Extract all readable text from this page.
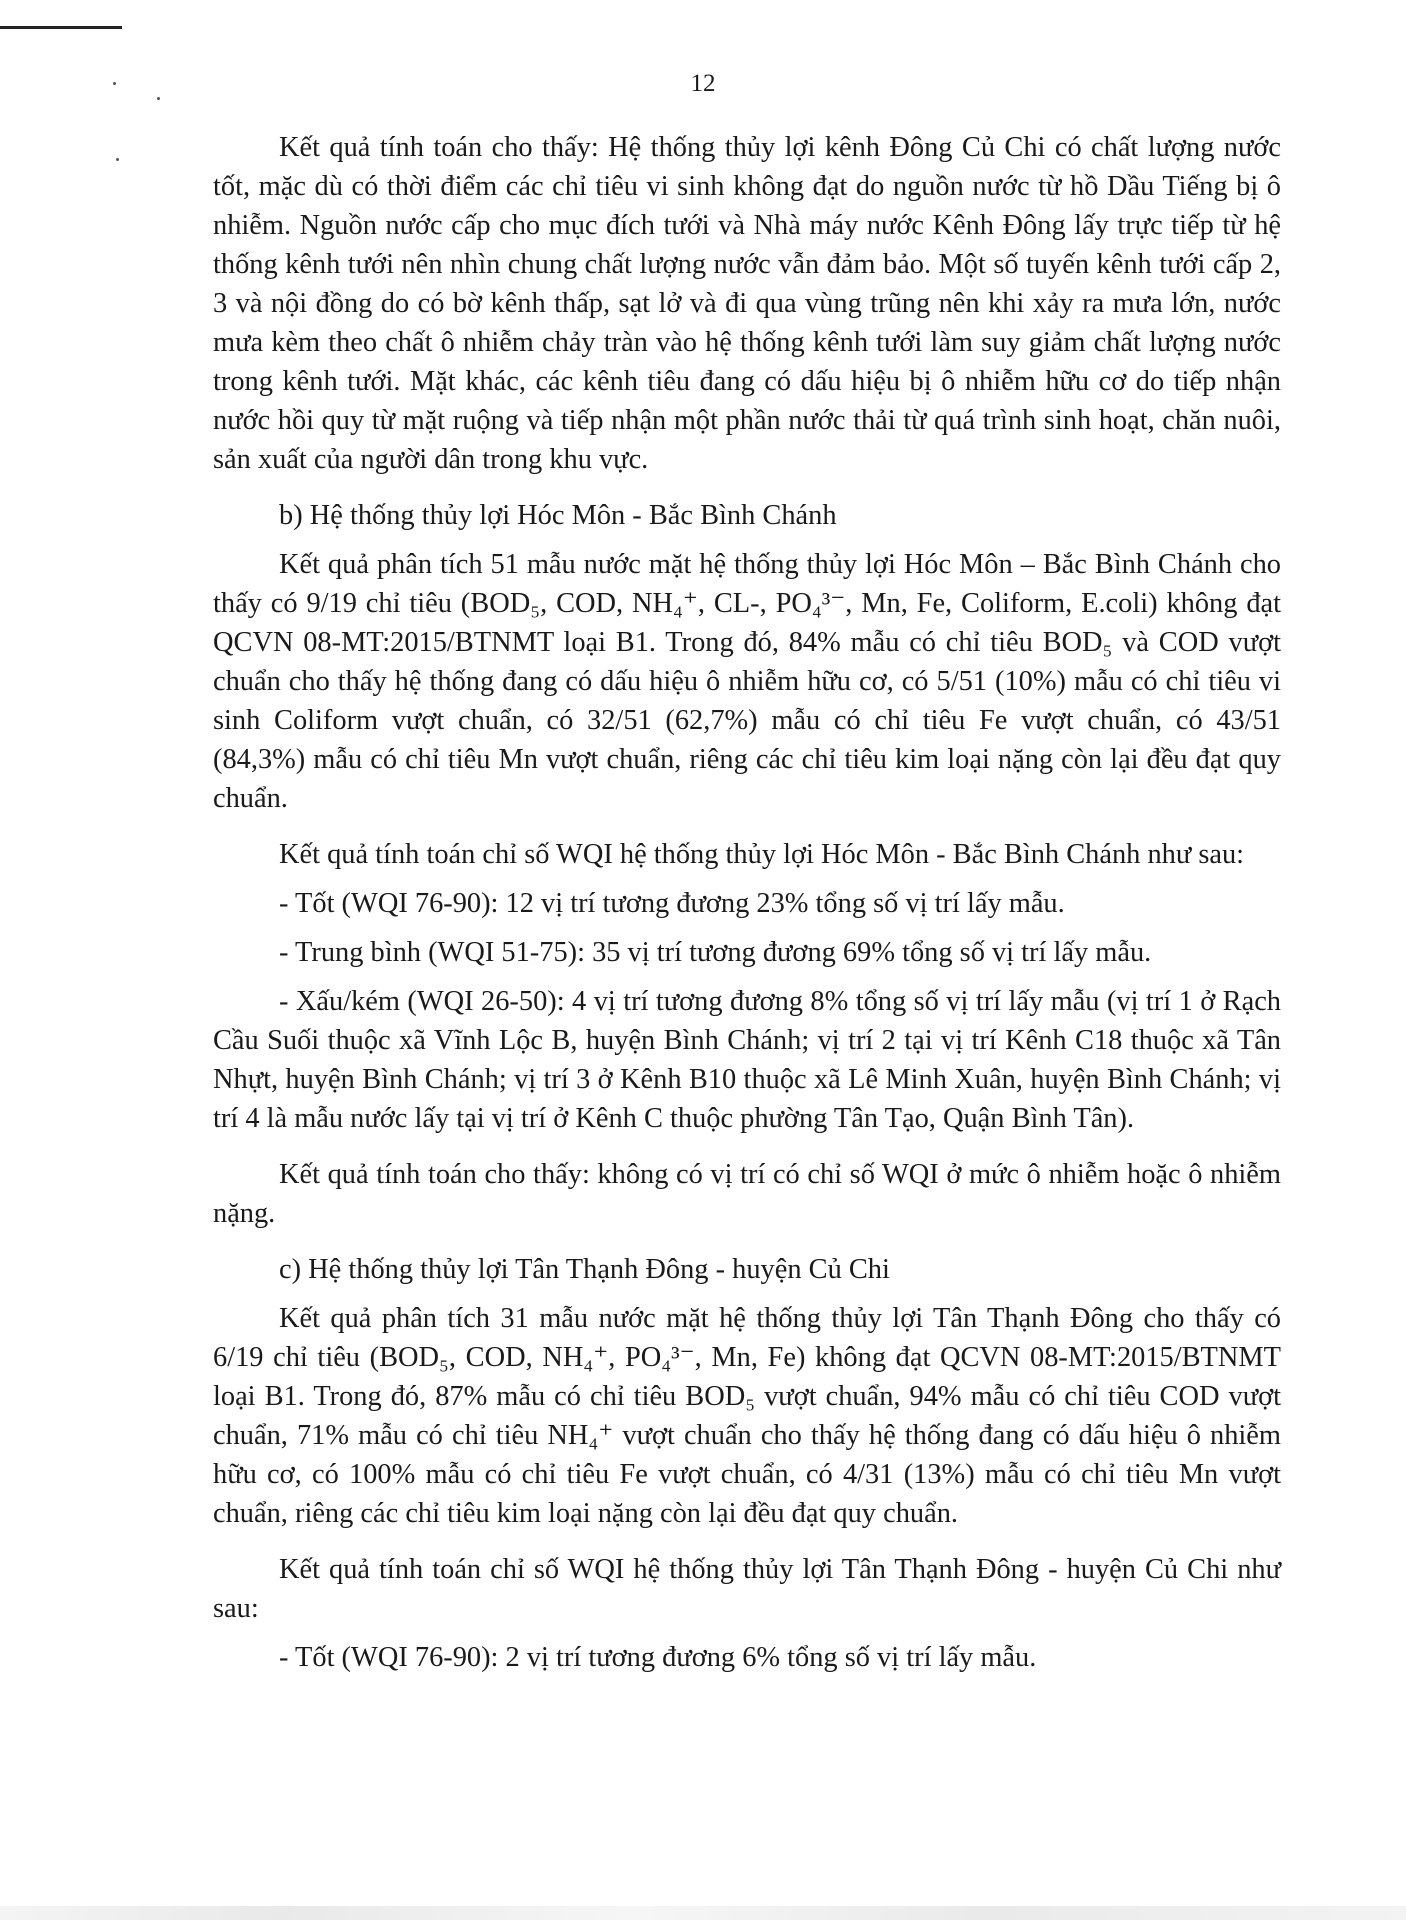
12

Kết quả tính toán cho thấy: Hệ thống thủy lợi kênh Đông Củ Chi có chất lượng nước tốt, mặc dù có thời điểm các chỉ tiêu vi sinh không đạt do nguồn nước từ hồ Dầu Tiếng bị ô nhiễm. Nguồn nước cấp cho mục đích tưới và Nhà máy nước Kênh Đông lấy trực tiếp từ hệ thống kênh tưới nên nhìn chung chất lượng nước vẫn đảm bảo. Một số tuyến kênh tưới cấp 2, 3 và nội đồng do có bờ kênh thấp, sạt lở và đi qua vùng trũng nên khi xảy ra mưa lớn, nước mưa kèm theo chất ô nhiễm chảy tràn vào hệ thống kênh tưới làm suy giảm chất lượng nước trong kênh tưới. Mặt khác, các kênh tiêu đang có dấu hiệu bị ô nhiễm hữu cơ do tiếp nhận nước hồi quy từ mặt ruộng và tiếp nhận một phần nước thải từ quá trình sinh hoạt, chăn nuôi, sản xuất của người dân trong khu vực.

b) Hệ thống thủy lợi Hóc Môn - Bắc Bình Chánh

Kết quả phân tích 51 mẫu nước mặt hệ thống thủy lợi Hóc Môn – Bắc Bình Chánh cho thấy có 9/19 chỉ tiêu (BOD₅, COD, NH₄⁺, CL-, PO₄³⁻, Mn, Fe, Coliform, E.coli) không đạt QCVN 08-MT:2015/BTNMT loại B1. Trong đó, 84% mẫu có chỉ tiêu BOD₅ và COD vượt chuẩn cho thấy hệ thống đang có dấu hiệu ô nhiễm hữu cơ, có 5/51 (10%) mẫu có chỉ tiêu vi sinh Coliform vượt chuẩn, có 32/51 (62,7%) mẫu có chỉ tiêu Fe vượt chuẩn, có 43/51 (84,3%) mẫu có chỉ tiêu Mn vượt chuẩn, riêng các chỉ tiêu kim loại nặng còn lại đều đạt quy chuẩn.

Kết quả tính toán chỉ số WQI hệ thống thủy lợi Hóc Môn - Bắc Bình Chánh như sau:

- Tốt (WQI 76-90): 12 vị trí tương đương 23% tổng số vị trí lấy mẫu.

- Trung bình (WQI 51-75): 35 vị trí tương đương 69% tổng số vị trí lấy mẫu.

- Xấu/kém (WQI 26-50): 4 vị trí tương đương 8% tổng số vị trí lấy mẫu (vị trí 1 ở Rạch Cầu Suối thuộc xã Vĩnh Lộc B, huyện Bình Chánh; vị trí 2 tại vị trí Kênh C18 thuộc xã Tân Nhựt, huyện Bình Chánh; vị trí 3 ở Kênh B10 thuộc xã Lê Minh Xuân, huyện Bình Chánh; vị trí 4 là mẫu nước lấy tại vị trí ở Kênh C thuộc phường Tân Tạo, Quận Bình Tân).

Kết quả tính toán cho thấy: không có vị trí có chỉ số WQI ở mức ô nhiễm hoặc ô nhiễm nặng.

c) Hệ thống thủy lợi Tân Thạnh Đông - huyện Củ Chi

Kết quả phân tích 31 mẫu nước mặt hệ thống thủy lợi Tân Thạnh Đông cho thấy có 6/19 chỉ tiêu (BOD₅, COD, NH₄⁺, PO₄³⁻, Mn, Fe) không đạt QCVN 08-MT:2015/BTNMT loại B1. Trong đó, 87% mẫu có chỉ tiêu BOD₅ vượt chuẩn, 94% mẫu có chỉ tiêu COD vượt chuẩn, 71% mẫu có chỉ tiêu NH₄⁺ vượt chuẩn cho thấy hệ thống đang có dấu hiệu ô nhiễm hữu cơ, có 100% mẫu có chỉ tiêu Fe vượt chuẩn, có 4/31 (13%) mẫu có chỉ tiêu Mn vượt chuẩn, riêng các chỉ tiêu kim loại nặng còn lại đều đạt quy chuẩn.

Kết quả tính toán chỉ số WQI hệ thống thủy lợi Tân Thạnh Đông - huyện Củ Chi như sau:

- Tốt (WQI 76-90): 2 vị trí tương đương 6% tổng số vị trí lấy mẫu.
